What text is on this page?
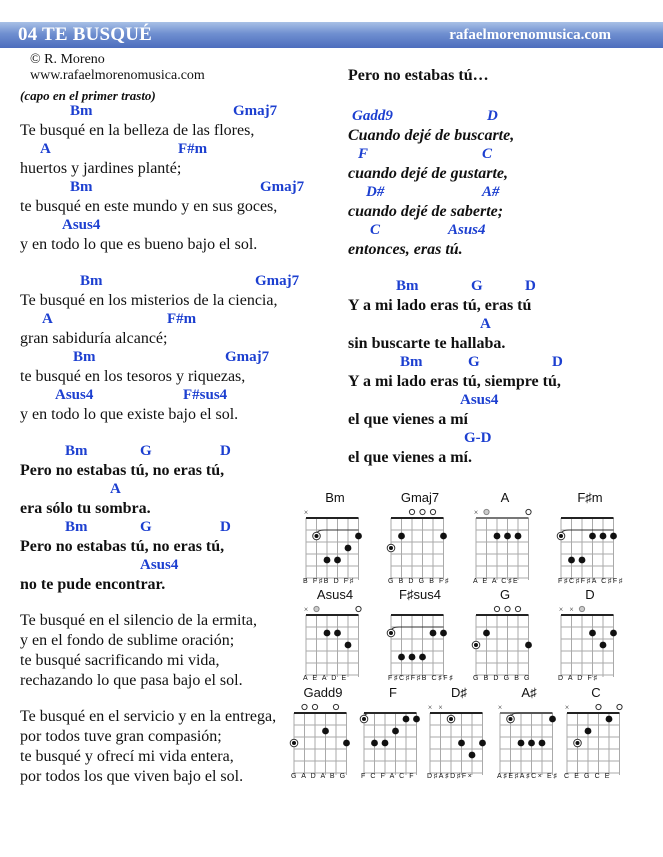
04 TE BUSQUÉ	rafaelmorenomusica.com
© R. Moreno
www.rafaelmorenomusica.com
(capo en el primer trasto)
Bm	Gmaj7
Te busqué en la belleza de las flores,
A	F#m
huertos y jardines planté;
Bm	Gmaj7
te busqué en este mundo y en sus goces,
Asus4
y en todo lo que es bueno bajo el sol.
Bm	Gmaj7
Te busqué en los misterios de la ciencia,
A	F#m
gran sabiduría alcancé;
Bm	Gmaj7
te busqué en los tesoros y riquezas,
Asus4	F#sus4
y en todo lo que existe bajo el sol.
Bm	G	D
Pero no estabas tú, no eras tú,
A
era sólo tu sombra.
Bm	G	D
Pero no estabas tú, no eras tú,
Asus4
no te pude encontrar.
Te busqué en el silencio de la ermita,
y en el fondo de sublime oración;
te busqué sacrificando mi vida,
rechazando lo que pasa bajo el sol.
Te busqué en el servicio y en la entrega,
por todos tuve gran compasión;
te busqué y ofrecí mi vida entera,
por todos los que viven bajo el sol.
Pero no estabas tú…
Gadd9	D
Cuando dejé de buscarte,
F	C
cuando dejé de gustarte,
D#	A#
cuando dejé de saberte;
C	Asus4
entonces, eras tú.
Bm	G	D
Y a mi lado eras tú, eras tú
A
sin buscarte te hallaba.
Bm	G	D
Y a mi lado eras tú, siempre tú,
Asus4
el que vienes a mí
G-D
el que vienes a mí.
Bm
×
B F♯B D F♯
Gmaj7
G B D G B F♯
A
×
A E A C♯E
F♯m
F♯C♯F♯A C♯F♯
Asus4
×
A E A D E
F♯sus4
F♯C♯F♯B C♯F♯
G
G B D G B G
D
× ×
D A D F♯
Gadd9
G A D A B G
F
F C F A C F
D♯
× ×
D♯A♯D♯F×
A♯
×
A♯E♯A♯C× E♯
C
×
C E G C E
